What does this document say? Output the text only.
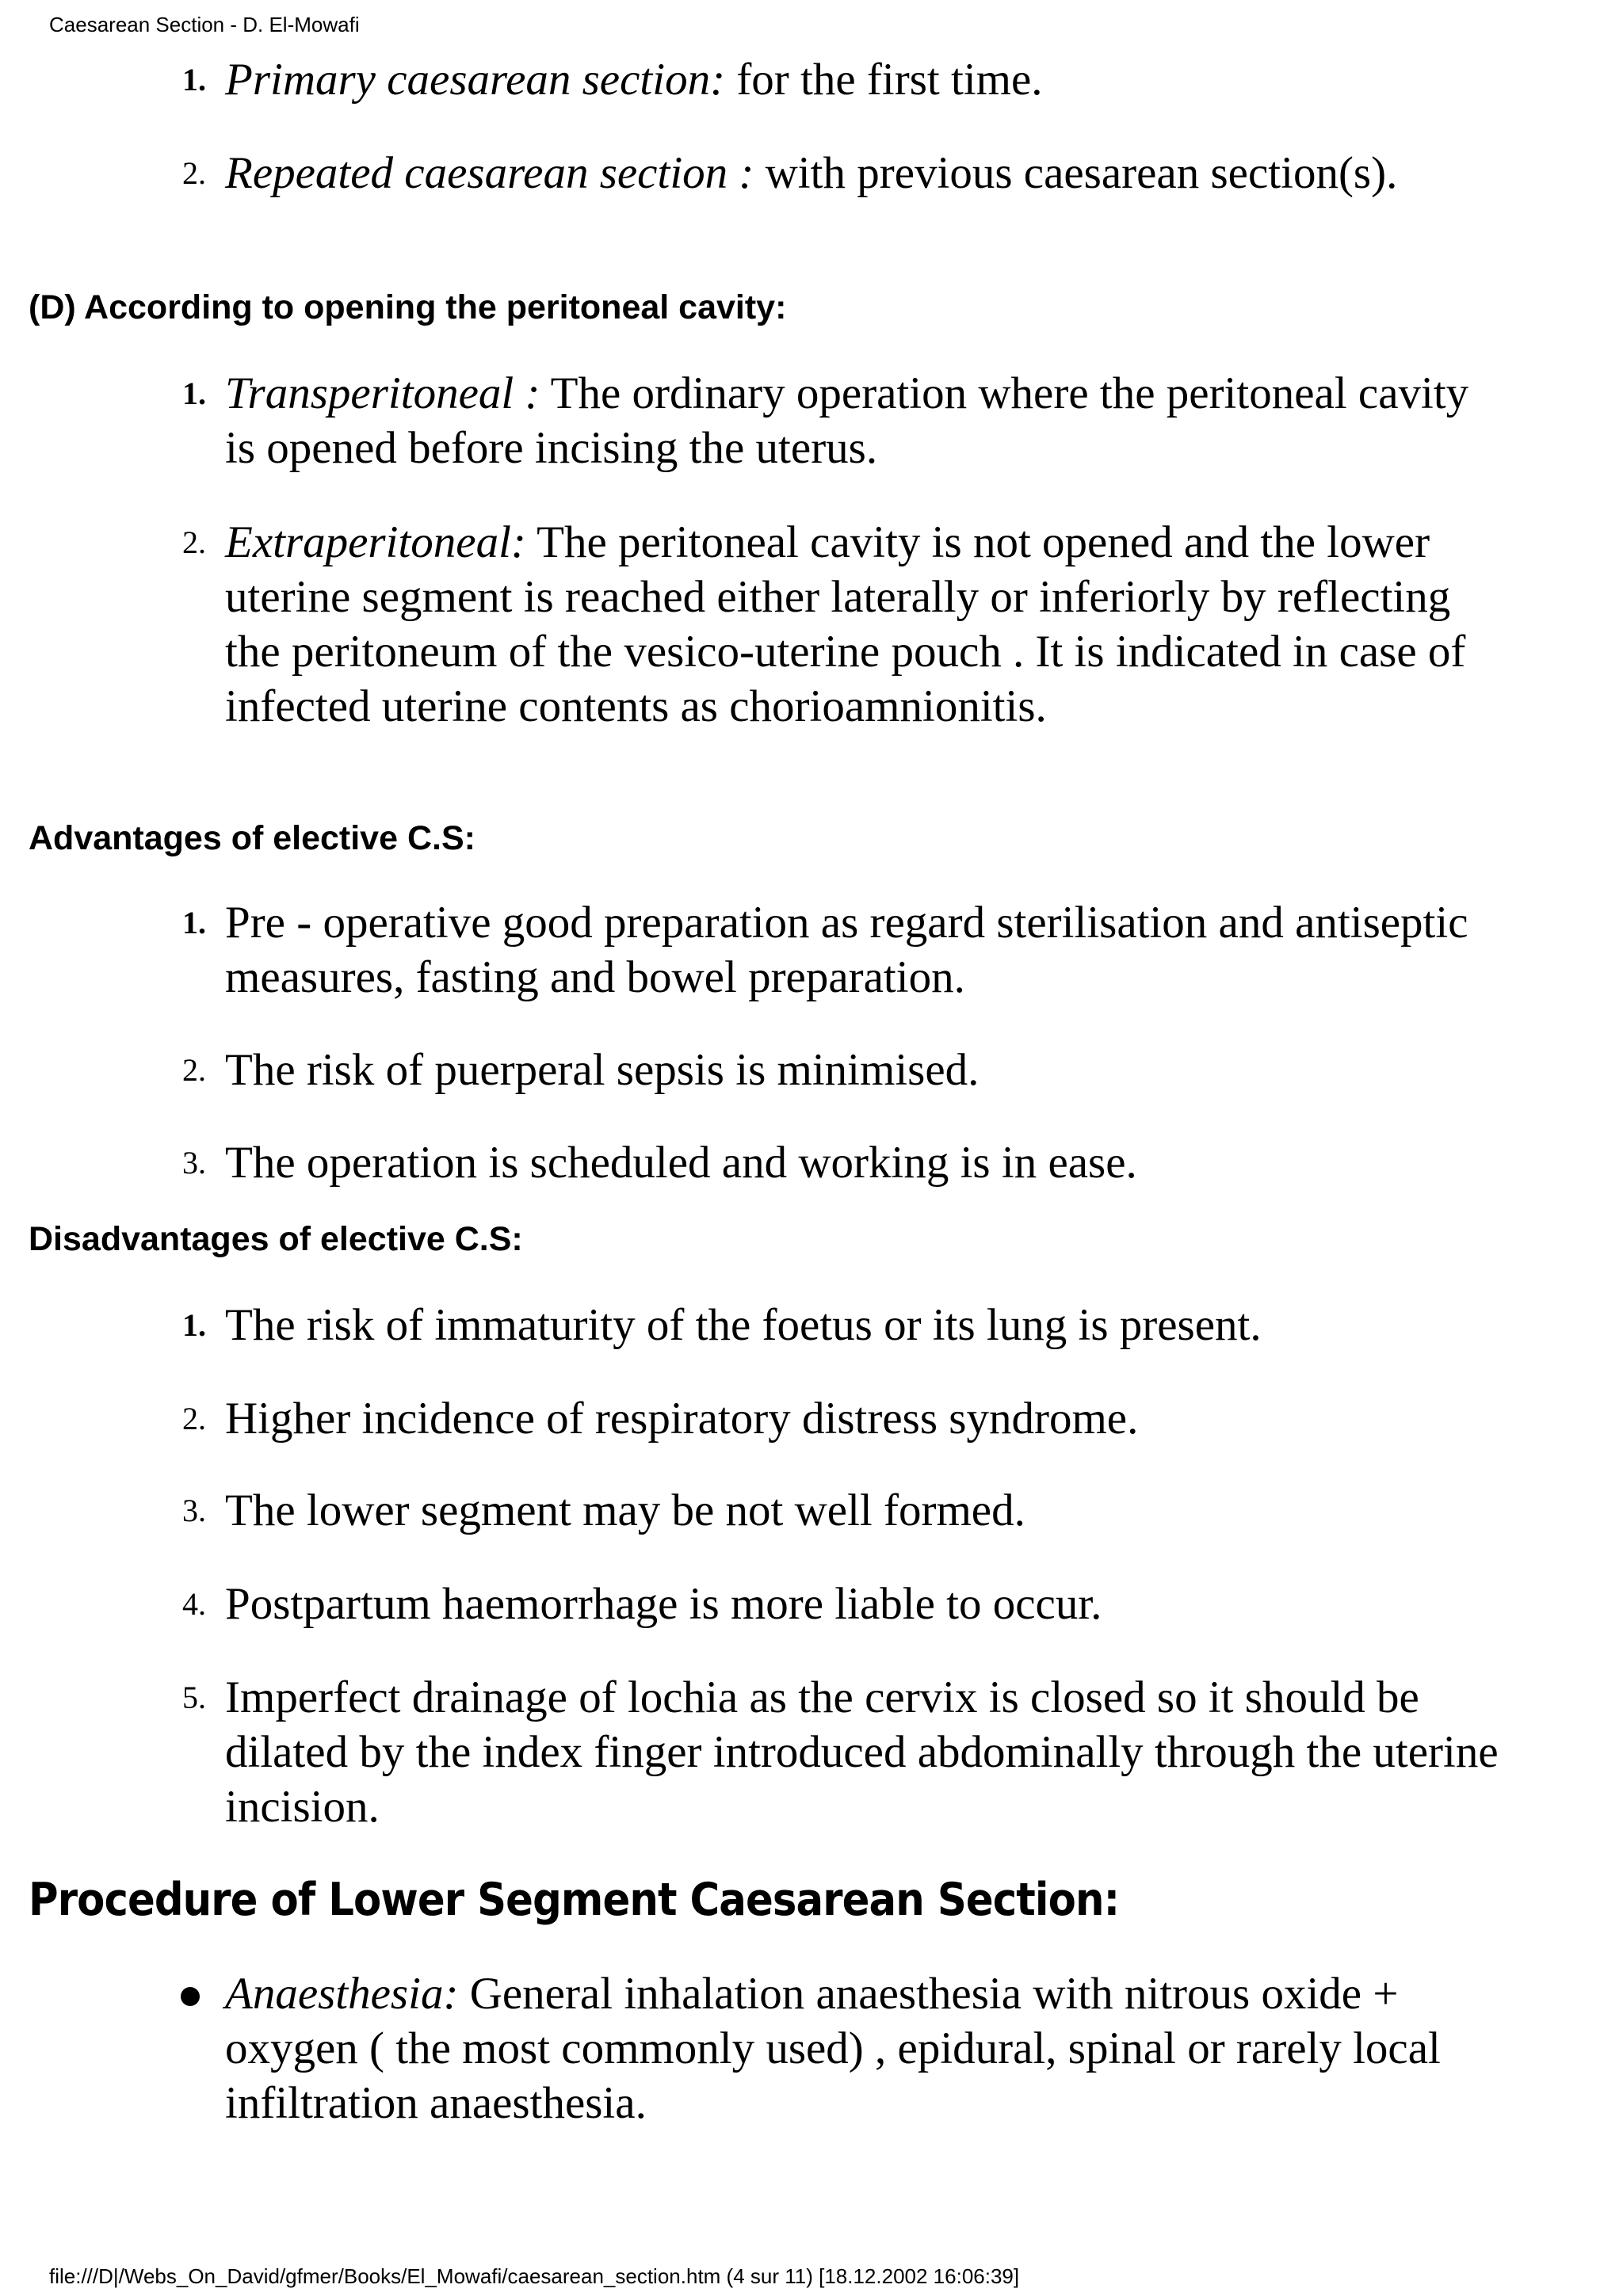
Caesarean Section - D. El-Mowafi
1. Primary caesarean section: for the first time.
2. Repeated caesarean section : with previous caesarean section(s).
(D) According to opening the peritoneal cavity:
1. Transperitoneal : The ordinary operation where the peritoneal cavity is opened before incising the uterus.
2. Extraperitoneal: The peritoneal cavity is not opened and the lower uterine segment is reached either laterally or inferiorly by reflecting the peritoneum of the vesico-uterine pouch . It is indicated in case of infected uterine contents as chorioamnionitis.
Advantages of elective C.S:
1. Pre - operative good preparation as regard sterilisation and antiseptic measures, fasting and bowel preparation.
2. The risk of puerperal sepsis is minimised.
3. The operation is scheduled and working is in ease.
Disadvantages of elective C.S:
1. The risk of immaturity of the foetus or its lung is present.
2. Higher incidence of respiratory distress syndrome.
3. The lower segment may be not well formed.
4. Postpartum haemorrhage is more liable to occur.
5. Imperfect drainage of lochia as the cervix is closed so it should be dilated by the index finger introduced abdominally through the uterine incision.
Procedure of Lower Segment Caesarean Section:
Anaesthesia: General inhalation anaesthesia with nitrous oxide + oxygen ( the most commonly used) , epidural, spinal or rarely local infiltration anaesthesia.
file:///D|/Webs_On_David/gfmer/Books/El_Mowafi/caesarean_section.htm (4 sur 11) [18.12.2002 16:06:39]
